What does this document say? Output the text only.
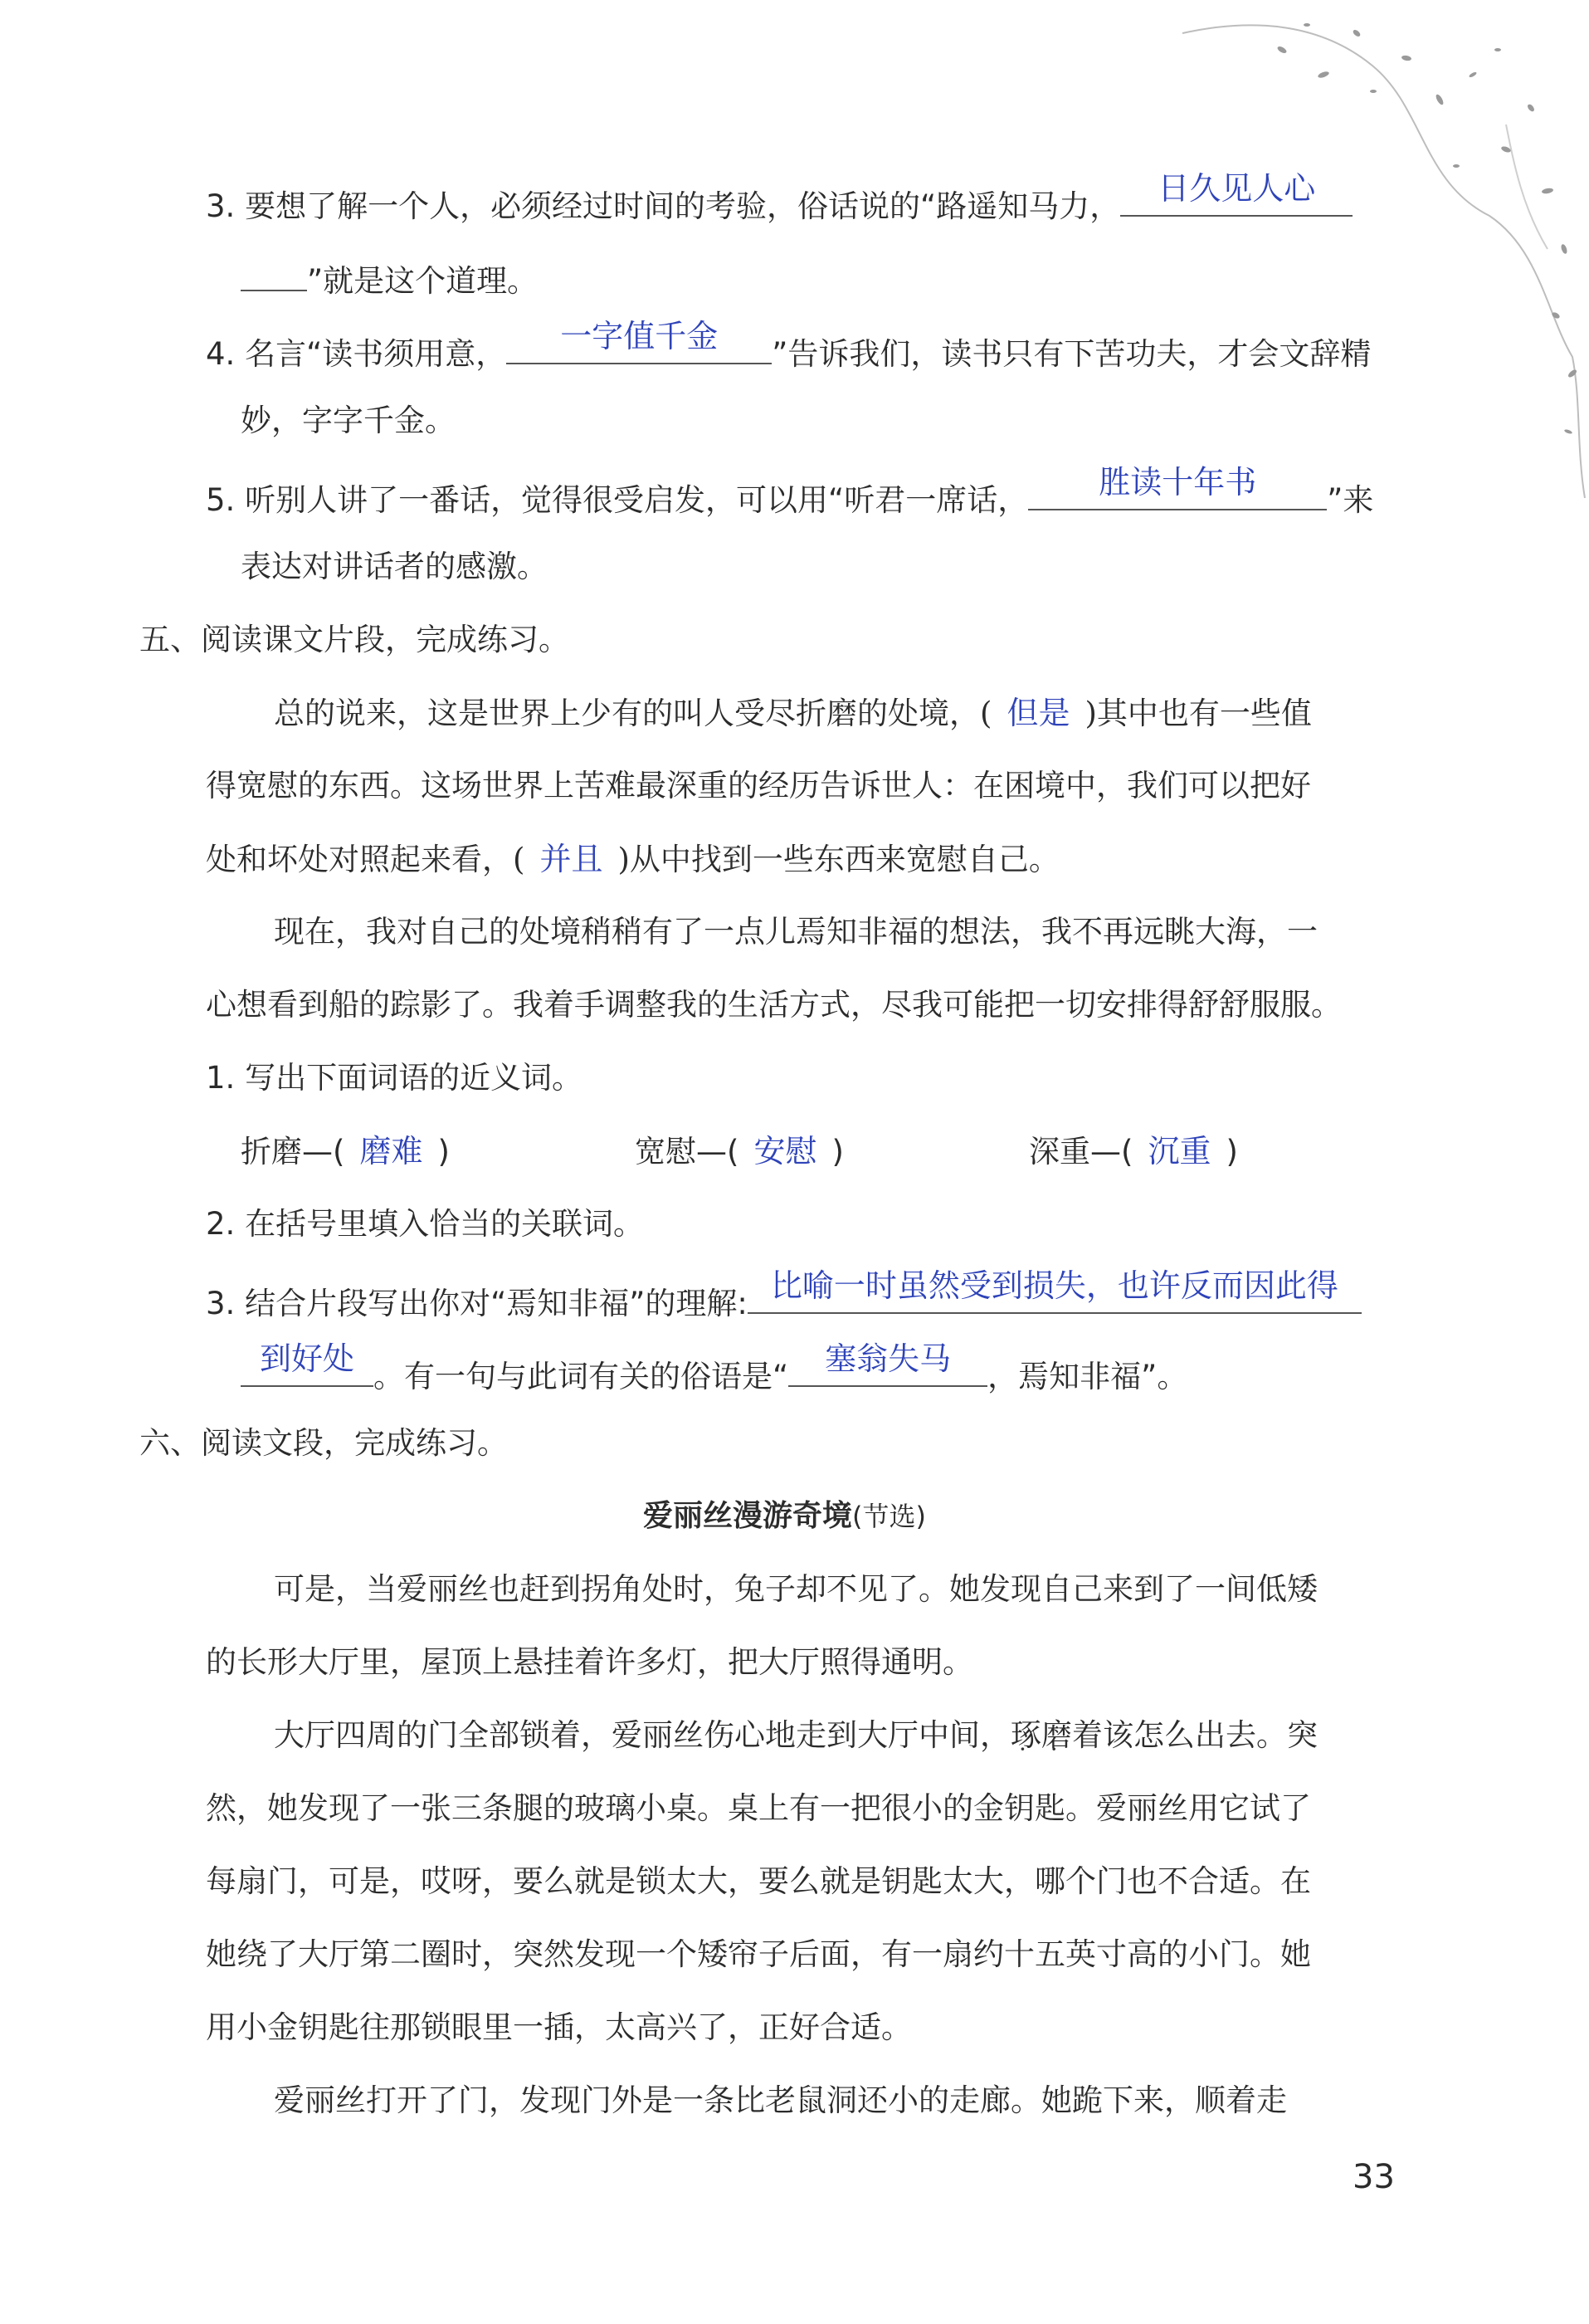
3. 要想了解一个人，必须经过时间的考验，俗话说的“路遥知马力，	日久见人心
”就是这个道理。
4. 名言“读书须用意，	一字值千金	”告诉我们，读书只有下苦功夫，才会文辞精
妙，字字千金。
5. 听别人讲了一番话，觉得很受启发，可以用“听君一席话，	胜读十年书	”来
表达对讲话者的感激。
五、阅读课文片段，完成练习。
总的说来，这是世界上少有的叫人受尽折磨的处境，( 但是 )其中也有一些值
得宽慰的东西。这场世界上苦难最深重的经历告诉世人：在困境中，我们可以把好
处和坏处对照起来看，( 并且 )从中找到一些东西来宽慰自己。
现在，我对自己的处境稍稍有了一点儿焉知非福的想法，我不再远眺大海，一
心想看到船的踪影了。我着手调整我的生活方式，尽我可能把一切安排得舒舒服服。
1. 写出下面词语的近义词。
折磨—( 磨难 )	宽慰—( 安慰 )	深重—( 沉重 )
2. 在括号里填入恰当的关联词。
3. 结合片段写出你对“焉知非福”的理解: 比喻一时虽然受到损失，也许反而因此得
到好处 。有一句与此词有关的俗语是“	塞翁失马	，焉知非福”。
六、阅读文段，完成练习。
爱丽丝漫游奇境(节选)
可是，当爱丽丝也赶到拐角处时，兔子却不见了。她发现自己来到了一间低矮
的长形大厅里，屋顶上悬挂着许多灯，把大厅照得通明。
大厅四周的门全部锁着，爱丽丝伤心地走到大厅中间，琢磨 · ·着该怎么出去。突
然，她发现了一张三条腿的玻璃小桌。桌上有一把很小的金钥匙。爱丽丝用它试了
每扇门，可是，哎呀，要么就是锁太大，要么就是钥匙太大，哪个门也不合适。在
她绕了大厅第二圈时，突然发现一个矮帘子后面，有一扇约十五英寸高的小门。她
用小金钥匙往那锁眼里一插，太高兴了，正好合适。
爱丽丝打开了门，发现门外是一条比老鼠洞还小的走廊。她跪下来，顺着走
33
